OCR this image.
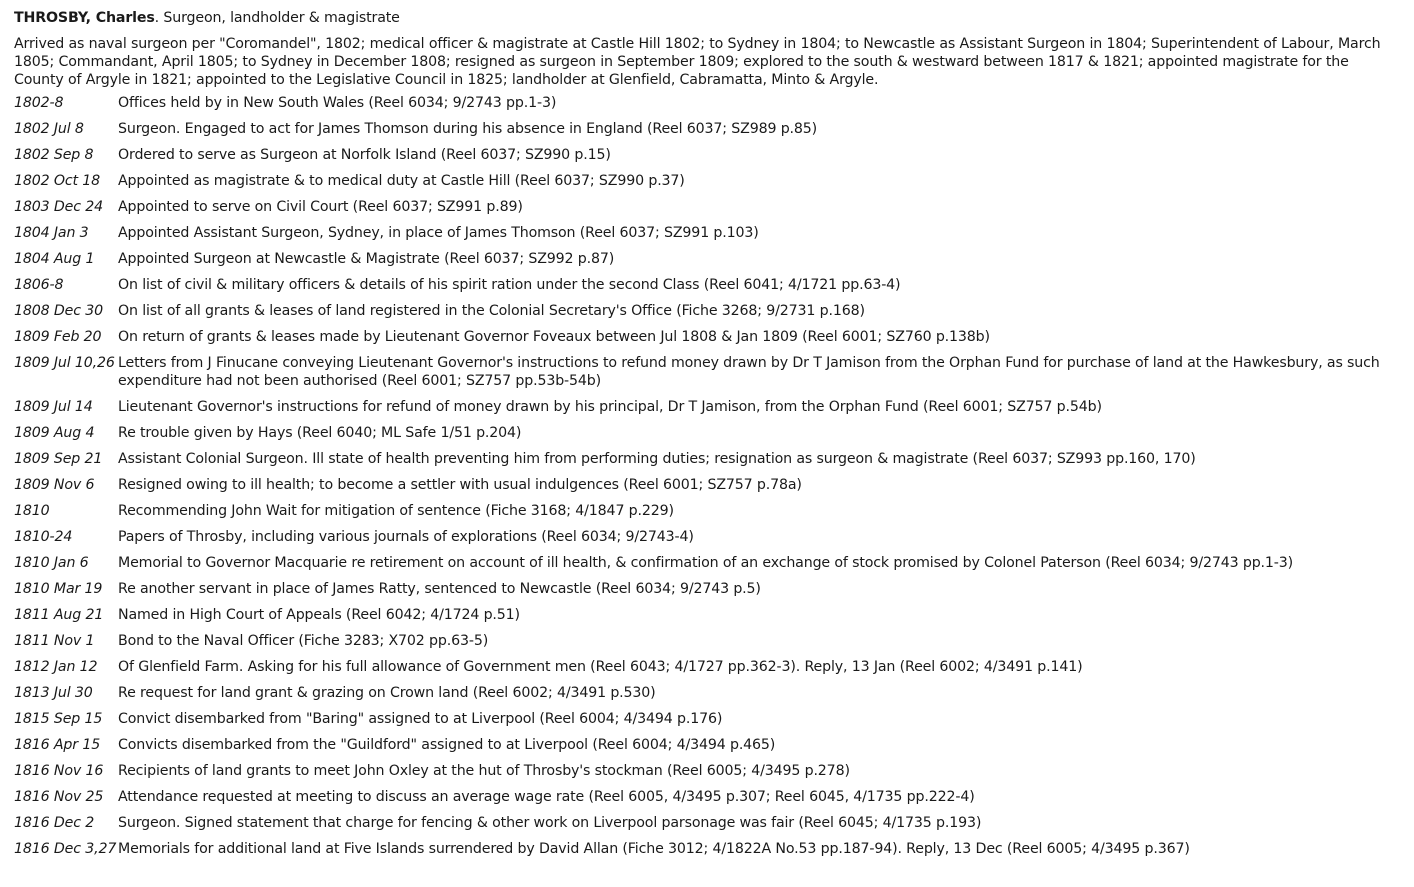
THROSBY, Charles. Surgeon, landholder & magistrate
Arrived as naval surgeon per "Coromandel", 1802; medical officer & magistrate at Castle Hill 1802; to Sydney in 1804; to Newcastle as Assistant Surgeon in 1804; Superintendent of Labour, March 1805; Commandant, April 1805; to Sydney in December 1808; resigned as surgeon in September 1809; explored to the south & westward between 1817 & 1821; appointed magistrate for the County of Argyle in 1821; appointed to the Legislative Council in 1825; landholder at Glenfield, Cabramatta, Minto & Argyle.
1802-8	Offices held by in New South Wales (Reel 6034; 9/2743 pp.1-3)
1802 Jul 8	Surgeon. Engaged to act for James Thomson during his absence in England (Reel 6037; SZ989 p.85)
1802 Sep 8	Ordered to serve as Surgeon at Norfolk Island (Reel 6037; SZ990 p.15)
1802 Oct 18	Appointed as magistrate & to medical duty at Castle Hill (Reel 6037; SZ990 p.37)
1803 Dec 24	Appointed to serve on Civil Court (Reel 6037; SZ991 p.89)
1804 Jan 3	Appointed Assistant Surgeon, Sydney, in place of James Thomson (Reel 6037; SZ991 p.103)
1804 Aug 1	Appointed Surgeon at Newcastle & Magistrate (Reel 6037; SZ992 p.87)
1806-8	On list of civil & military officers & details of his spirit ration under the second Class (Reel 6041; 4/1721 pp.63-4)
1808 Dec 30	On list of all grants & leases of land registered in the Colonial Secretary's Office (Fiche 3268; 9/2731 p.168)
1809 Feb 20	On return of grants & leases made by Lieutenant Governor Foveaux between Jul 1808 & Jan 1809 (Reel 6001; SZ760 p.138b)
1809 Jul 10,26	Letters from J Finucane conveying Lieutenant Governor's instructions to refund money drawn by Dr T Jamison from the Orphan Fund for purchase of land at the Hawkesbury, as such expenditure had not been authorised (Reel 6001; SZ757 pp.53b-54b)
1809 Jul 14	Lieutenant Governor's instructions for refund of money drawn by his principal, Dr T Jamison, from the Orphan Fund (Reel 6001; SZ757 p.54b)
1809 Aug 4	Re trouble given by Hays (Reel 6040; ML Safe 1/51 p.204)
1809 Sep 21	Assistant Colonial Surgeon. Ill state of health preventing him from performing duties; resignation as surgeon & magistrate (Reel 6037; SZ993 pp.160, 170)
1809 Nov 6	Resigned owing to ill health; to become a settler with usual indulgences (Reel 6001; SZ757 p.78a)
1810	Recommending John Wait for mitigation of sentence (Fiche 3168; 4/1847 p.229)
1810-24	Papers of Throsby, including various journals of explorations (Reel 6034; 9/2743-4)
1810 Jan 6	Memorial to Governor Macquarie re retirement on account of ill health, & confirmation of an exchange of stock promised by Colonel Paterson (Reel 6034; 9/2743 pp.1-3)
1810 Mar 19	Re another servant in place of James Ratty, sentenced to Newcastle (Reel 6034; 9/2743 p.5)
1811 Aug 21	Named in High Court of Appeals (Reel 6042; 4/1724 p.51)
1811 Nov 1	Bond to the Naval Officer (Fiche 3283; X702 pp.63-5)
1812 Jan 12	Of Glenfield Farm. Asking for his full allowance of Government men (Reel 6043; 4/1727 pp.362-3). Reply, 13 Jan (Reel 6002; 4/3491 p.141)
1813 Jul 30	Re request for land grant & grazing on Crown land (Reel 6002; 4/3491 p.530)
1815 Sep 15	Convict disembarked from "Baring" assigned to at Liverpool (Reel 6004; 4/3494 p.176)
1816 Apr 15	Convicts disembarked from the "Guildford" assigned to at Liverpool (Reel 6004; 4/3494 p.465)
1816 Nov 16	Recipients of land grants to meet John Oxley at the hut of Throsby's stockman (Reel 6005; 4/3495 p.278)
1816 Nov 25	Attendance requested at meeting to discuss an average wage rate (Reel 6005, 4/3495 p.307; Reel 6045, 4/1735 pp.222-4)
1816 Dec 2	Surgeon. Signed statement that charge for fencing & other work on Liverpool parsonage was fair (Reel 6045; 4/1735 p.193)
1816 Dec 3,27	Memorials for additional land at Five Islands surrendered by David Allan (Fiche 3012; 4/1822A No.53 pp.187-94). Reply, 13 Dec (Reel 6005; 4/3495 p.367)
